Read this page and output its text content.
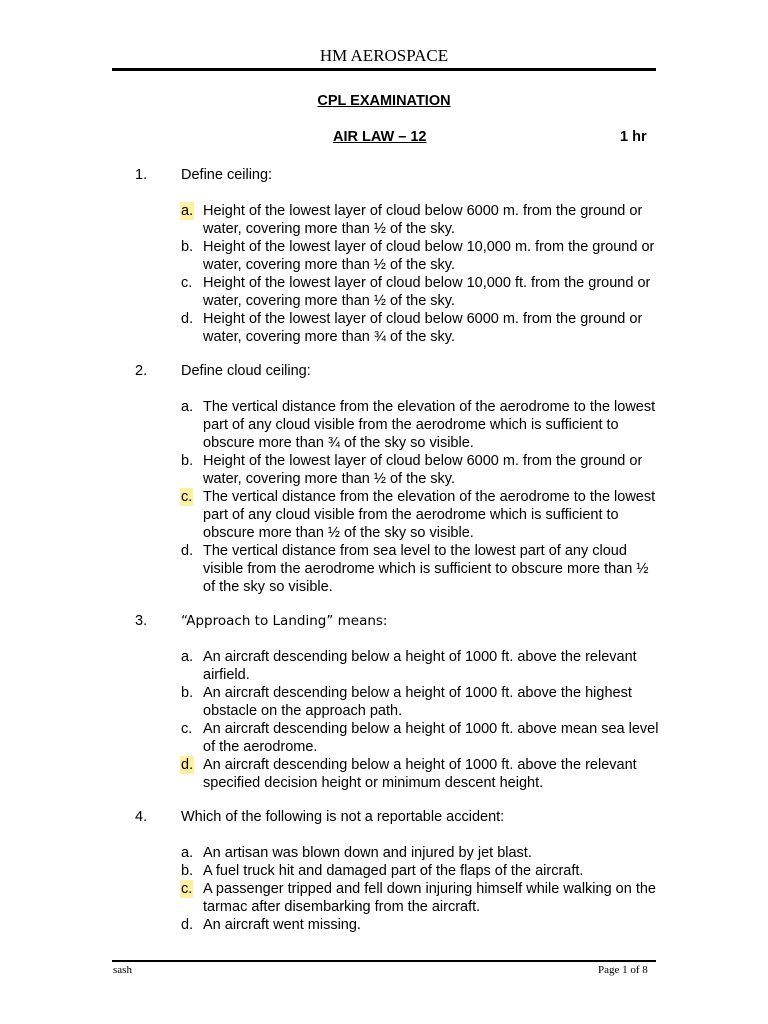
HM AEROSPACE
CPL EXAMINATION
AIR LAW – 12	1 hr
1. Define ceiling:
a. Height of the lowest layer of cloud below 6000 m. from the ground or water, covering more than ½ of the sky.
b. Height of the lowest layer of cloud below 10,000 m. from the ground or water, covering more than ½ of the sky.
c. Height of the lowest layer of cloud below 10,000 ft. from the ground or water, covering more than ½ of the sky.
d. Height of the lowest layer of cloud below 6000 m. from the ground or water, covering more than ¾ of the sky.
2. Define cloud ceiling:
a. The vertical distance from the elevation of the aerodrome to the lowest part of any cloud visible from the aerodrome which is sufficient to obscure more than ¾ of the sky so visible.
b. Height of the lowest layer of cloud below 6000 m. from the ground or water, covering more than ½ of the sky.
c. The vertical distance from the elevation of the aerodrome to the lowest part of any cloud visible from the aerodrome which is sufficient to obscure more than ½ of the sky so visible.
d. The vertical distance from sea level to the lowest part of any cloud visible from the aerodrome which is sufficient to obscure more than ½ of the sky so visible.
3.	“Approach to Landing” means:
a. An aircraft descending below a height of 1000 ft. above the relevant airfield.
b. An aircraft descending below a height of 1000 ft. above the highest obstacle on the approach path.
c. An aircraft descending below a height of 1000 ft. above mean sea level of the aerodrome.
d. An aircraft descending below a height of 1000 ft. above the relevant specified decision height or minimum descent height.
4. Which of the following is not a reportable accident:
a. An artisan was blown down and injured by jet blast.
b. A fuel truck hit and damaged part of the flaps of the aircraft.
c. A passenger tripped and fell down injuring himself while walking on the tarmac after disembarking from the aircraft.
d. An aircraft went missing.
sash	Page 1 of 8
